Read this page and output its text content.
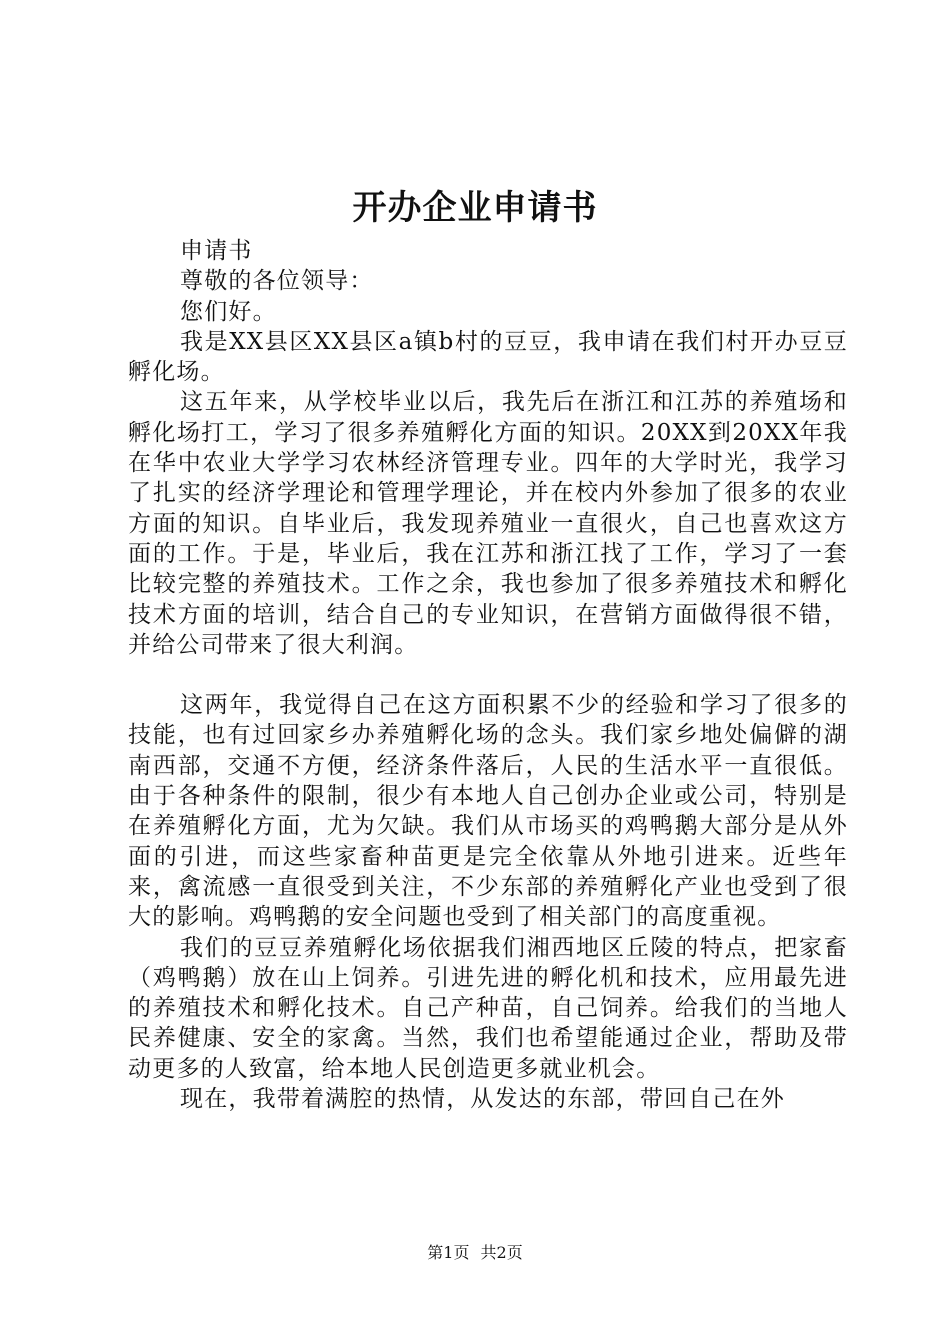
开办企业申请书

申请书

尊敬的各位领导：

您们好。

我是XX县区XX县区a镇b村的豆豆，我申请在我们村开办豆豆孵化场。

这五年来，从学校毕业以后，我先后在浙江和江苏的养殖场和孵化场打工，学习了很多养殖孵化方面的知识。20XX到20XX年我在华中农业大学学习农林经济管理专业。四年的大学时光，我学习了扎实的经济学理论和管理学理论，并在校内外参加了很多的农业方面的知识。自毕业后，我发现养殖业一直很火，自己也喜欢这方面的工作。于是，毕业后，我在江苏和浙江找了工作，学习了一套比较完整的养殖技术。工作之余，我也参加了很多养殖技术和孵化技术方面的培训，结合自己的专业知识，在营销方面做得很不错，并给公司带来了很大利润。

这两年，我觉得自己在这方面积累不少的经验和学习了很多的技能，也有过回家乡办养殖孵化场的念头。我们家乡地处偏僻的湖南西部，交通不方便，经济条件落后，人民的生活水平一直很低。由于各种条件的限制，很少有本地人自己创办企业或公司，特别是在养殖孵化方面，尤为欠缺。我们从市场买的鸡鸭鹅大部分是从外面的引进，而这些家畜种苗更是完全依靠从外地引进来。近些年来，禽流感一直很受到关注，不少东部的养殖孵化产业也受到了很大的影响。鸡鸭鹅的安全问题也受到了相关部门的高度重视。

我们的豆豆养殖孵化场依据我们湘西地区丘陵的特点，把家畜（鸡鸭鹅）放在山上饲养。引进先进的孵化机和技术，应用最先进的养殖技术和孵化技术。自己产种苗，自己饲养。给我们的当地人民养健康、安全的家禽。当然，我们也希望能通过企业，帮助及带动更多的人致富，给本地人民创造更多就业机会。

现在，我带着满腔的热情，从发达的东部，带回自己在外

第1页 共2页
